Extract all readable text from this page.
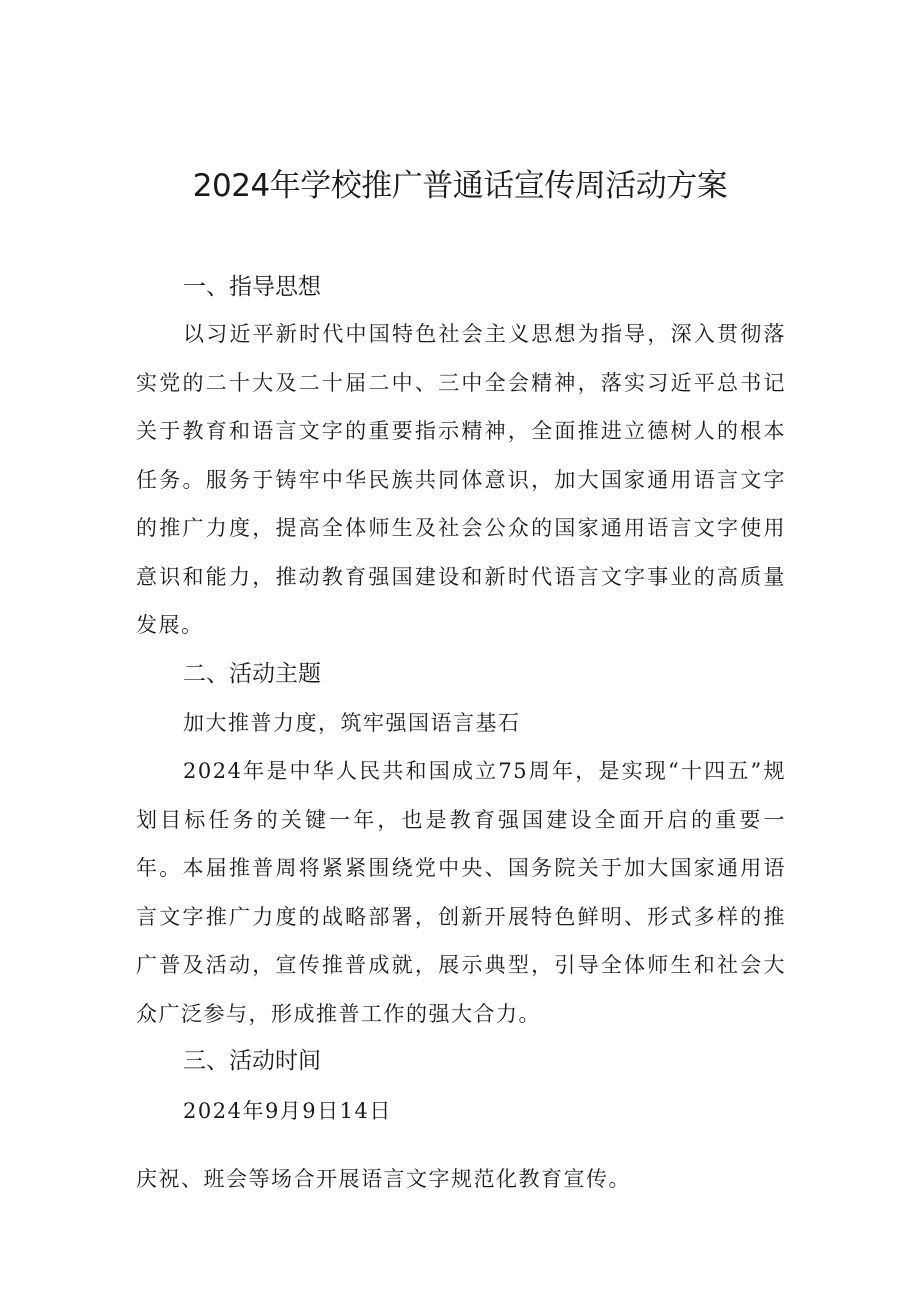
2024年学校推广普通话宣传周活动方案
一、指导思想

以习近平新时代中国特色社会主义思想为指导，深入贯彻落实党的二十大及二十届二中、三中全会精神，落实习近平总书记关于教育和语言文字的重要指示精神，全面推进立德树人的根本任务。服务于铸牢中华民族共同体意识，加大国家通用语言文字的推广力度，提高全体师生及社会公众的国家通用语言文字使用意识和能力，推动教育强国建设和新时代语言文字事业的高质量发展。

二、活动主题

加大推普力度，筑牢强国语言基石

2024年是中华人民共和国成立75周年，是实现“十四五”规划目标任务的关键一年，也是教育强国建设全面开启的重要一年。本届推普周将紧紧围绕党中央、国务院关于加大国家通用语言文字推广力度的战略部署，创新开展特色鲜明、形式多样的推广普及活动，宣传推普成就，展示典型，引导全体师生和社会大众广泛参与，形成推普工作的强大合力。

三、活动时间

2024年9月9日14日

庆祝、班会等场合开展语言文字规范化教育宣传。
